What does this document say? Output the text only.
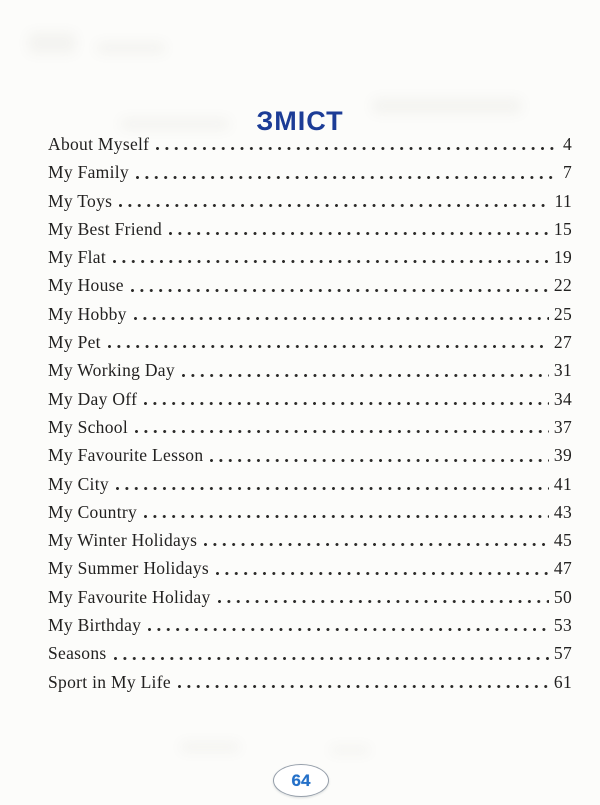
ЗМІСТ
About Myself	4
My Family	7
My Toys	11
My Best Friend	15
My Flat	19
My House	22
My Hobby	25
My Pet	27
My Working Day	31
My Day Off	34
My School	37
My Favourite Lesson	39
My City	41
My Country	43
My Winter Holidays	45
My Summer Holidays	47
My Favourite Holiday	50
My Birthday	53
Seasons	57
Sport in My Life	61
64
